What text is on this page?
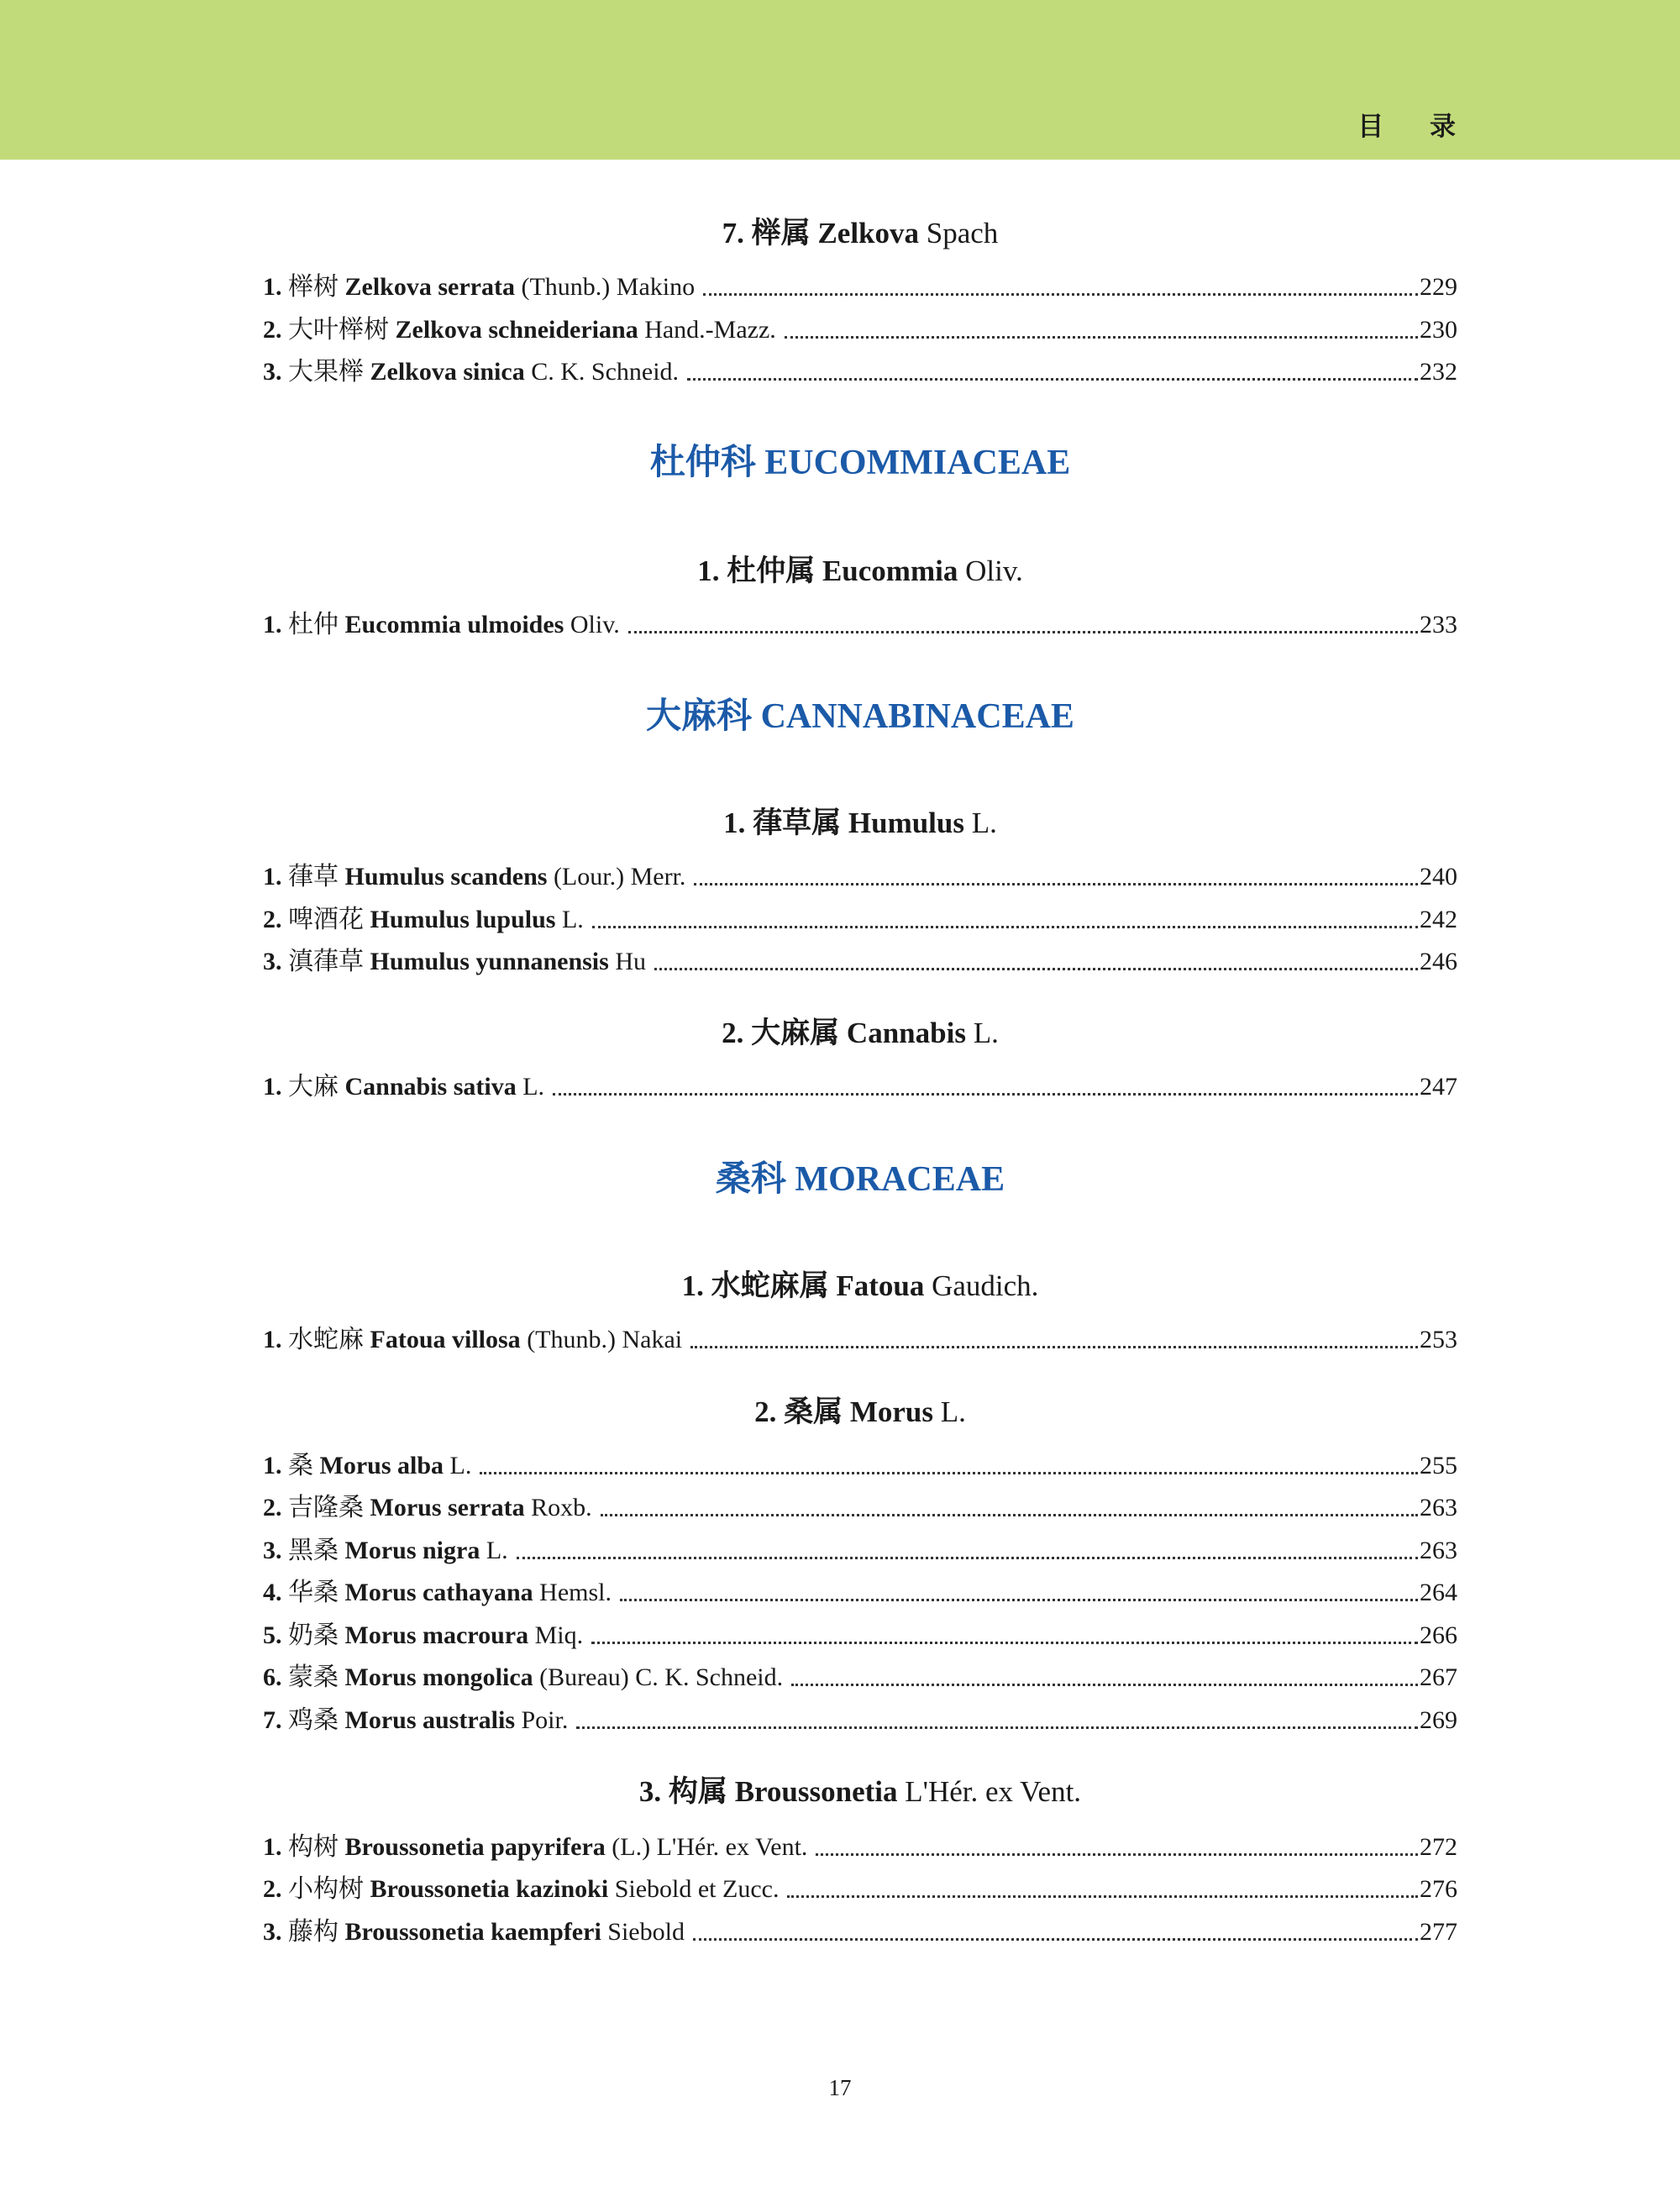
目 录
7. 榉属 Zelkova Spach
1. 榉树 Zelkova serrata (Thunb.) Makino	229
2. 大叶榉树 Zelkova schneideriana Hand.-Mazz.	230
3. 大果榉 Zelkova sinica C. K. Schneid.	232
杜仲科 EUCOMMIACEAE
1. 杜仲属 Eucommia Oliv.
1. 杜仲 Eucommia ulmoides Oliv.	233
大麻科 CANNABINACEAE
1. 葎草属 Humulus L.
1. 葎草 Humulus scandens (Lour.) Merr.	240
2. 啤酒花 Humulus lupulus L.	242
3. 滇葎草 Humulus yunnanensis Hu	246
2. 大麻属 Cannabis L.
1. 大麻 Cannabis sativa L.	247
桑科 MORACEAE
1. 水蛇麻属 Fatoua Gaudich.
1. 水蛇麻 Fatoua villosa (Thunb.) Nakai	253
2. 桑属 Morus L.
1. 桑 Morus alba L.	255
2. 吉隆桑 Morus serrata Roxb.	263
3. 黑桑 Morus nigra L.	263
4. 华桑 Morus cathayana Hemsl.	264
5. 奶桑 Morus macroura Miq.	266
6. 蒙桑 Morus mongolica (Bureau) C. K. Schneid.	267
7. 鸡桑 Morus australis Poir.	269
3. 构属 Broussonetia L'Hér. ex Vent.
1. 构树 Broussonetia papyrifera (L.) L'Hér. ex Vent.	272
2. 小构树 Broussonetia kazinoki Siebold et Zucc.	276
3. 藤构 Broussonetia kaempferi Siebold	277
17
